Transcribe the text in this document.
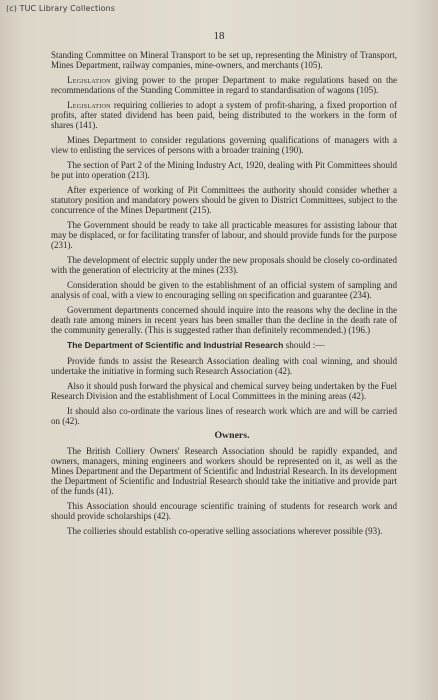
(c) TUC Library Collections
18

Standing Committee on Mineral Transport to be set up, representing the Ministry of Transport, Mines Department, railway companies, mine-owners, and merchants (105).

Legislation giving power to the proper Department to make regulations based on the recommendations of the Standing Committee in regard to standardisation of wagons (105).

Legislation requiring collieries to adopt a system of profit-sharing, a fixed proportion of profits, after stated dividend has been paid, being distributed to the workers in the form of shares (141).

Mines Department to consider regulations governing qualifications of managers with a view to enlisting the services of persons with a broader training (190).

The section of Part 2 of the Mining Industry Act, 1920, dealing with Pit Committees should be put into operation (213).

After experience of working of Pit Committees the authority should consider whether a statutory position and mandatory powers should be given to District Committees, subject to the concurrence of the Mines Department (215).

The Government should be ready to take all practicable measures for assisting labour that may be displaced, or for facilitating transfer of labour, and should provide funds for the purpose (231).

The development of electric supply under the new proposals should be closely co-ordinated with the generation of electricity at the mines (233).

Consideration should be given to the establishment of an official system of sampling and analysis of coal, with a view to encouraging selling on specification and guarantee (234).

Government departments concerned should inquire into the reasons why the decline in the death rate among miners in recent years has been smaller than the decline in the death rate of the community generally. (This is suggested rather than definitely recommended.) (196.)

The Department of Scientific and Industrial Research should :—

Provide funds to assist the Research Association dealing with coal winning, and should undertake the initiative in forming such Research Association (42).

Also it should push forward the physical and chemical survey being undertaken by the Fuel Research Division and the establishment of Local Committees in the mining areas (42).

It should also co-ordinate the various lines of research work which are and will be carried on (42).

Owners.

The British Colliery Owners' Research Association should be rapidly expanded, and owners, managers, mining engineers and workers should be represented on it, as well as the Mines Department and the Department of Scientific and Industrial Research. In its development the Department of Scientific and Industrial Research should take the initiative and provide part of the funds (41).

This Association should encourage scientific training of students for research work and should provide scholarships (42).

The collieries should establish co-operative selling associations wherever possible (93).
